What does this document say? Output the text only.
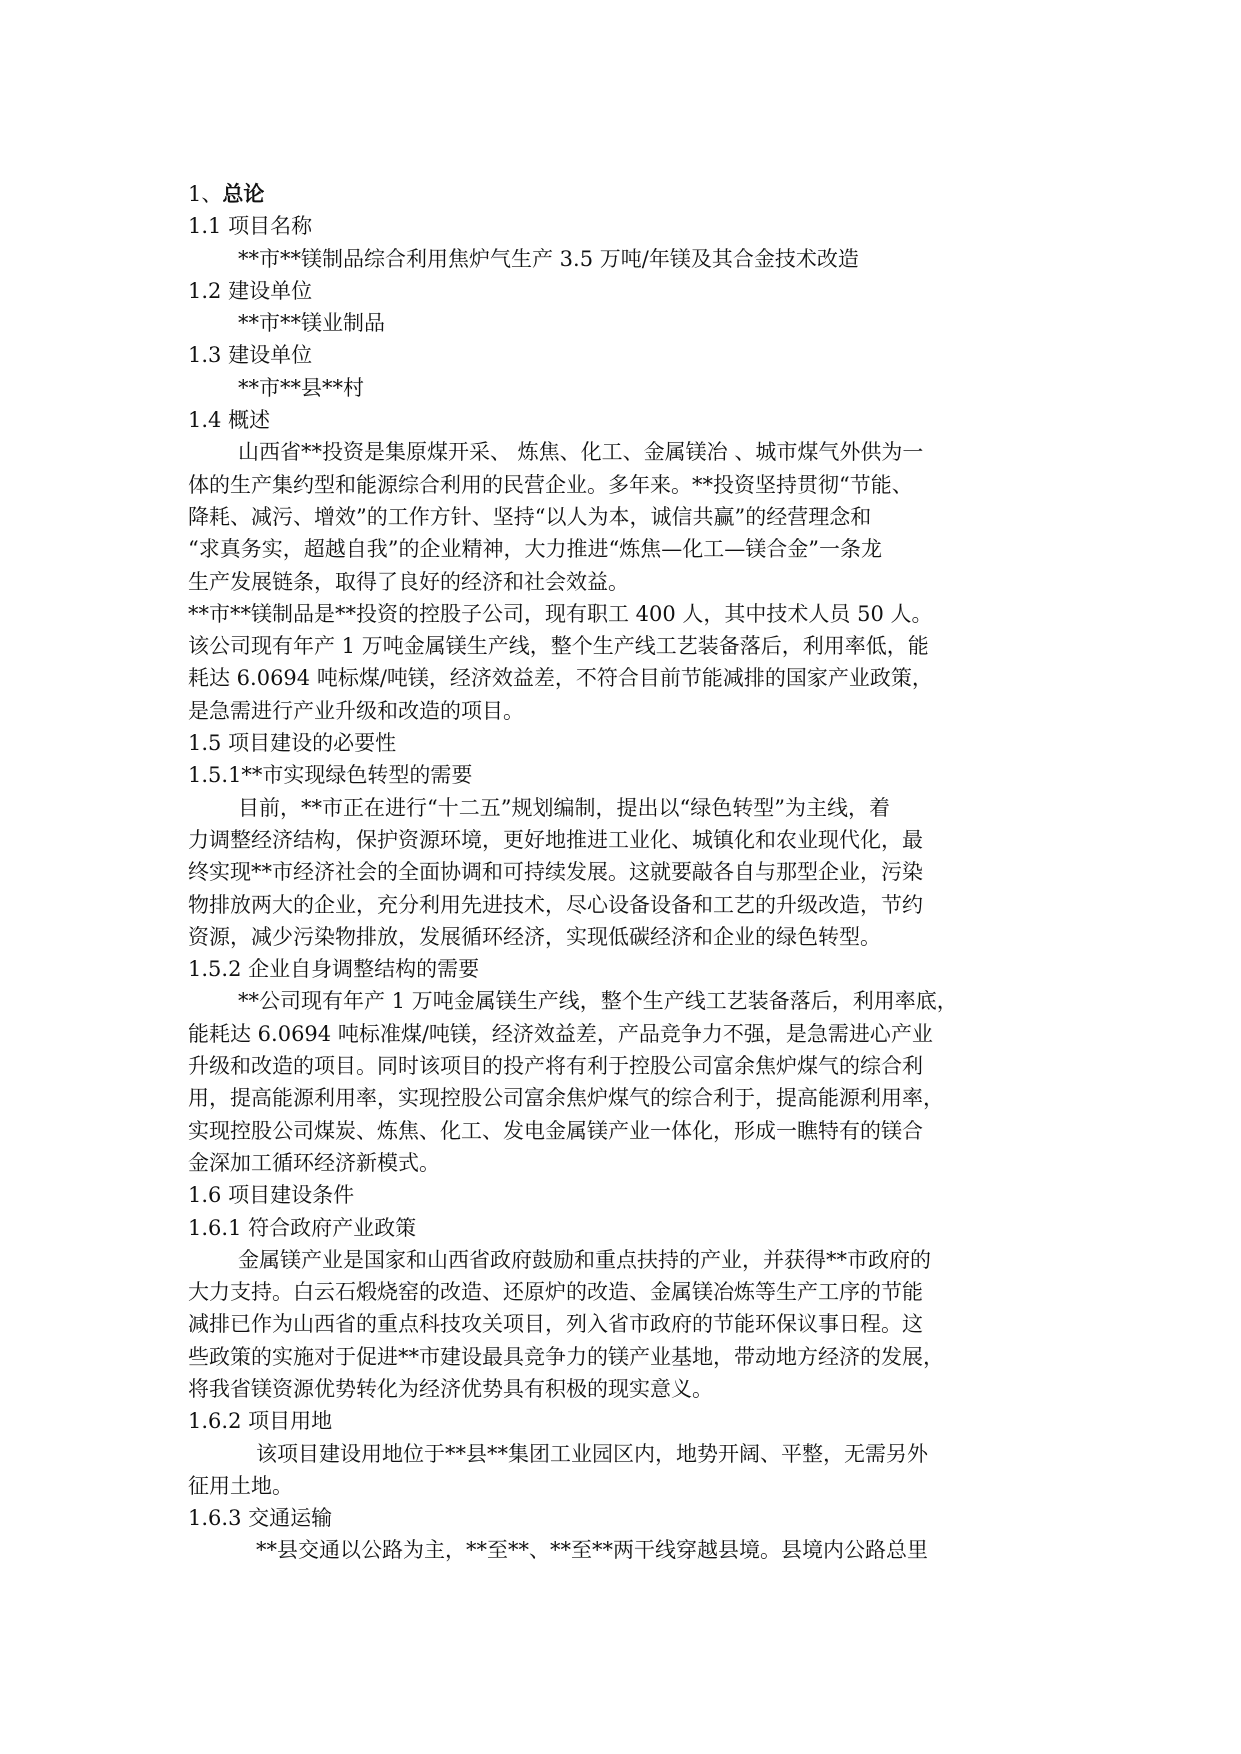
1、总论
1.1 项目名称
**市**镁制品综合利用焦炉气生产 3.5 万吨/年镁及其合金技术改造
1.2 建设单位
**市**镁业制品
1.3 建设单位
**市**县**村
1.4 概述
山西省**投资是集原煤开采、 炼焦、化工、金属镁冶 、城市煤气外供为一
体的生产集约型和能源综合利用的民营企业。多年来。**投资坚持贯彻“节能、
降耗、减污、增效”的工作方针、坚持“以人为本，诚信共赢”的经营理念和
“求真务实，超越自我”的企业精神，大力推进“炼焦—化工—镁合金”一条龙
生产发展链条，取得了良好的经济和社会效益。
**市**镁制品是**投资的控股子公司，现有职工 400 人，其中技术人员 50 人。
该公司现有年产 1 万吨金属镁生产线，整个生产线工艺装备落后，利用率低，能
耗达 6.0694 吨标煤/吨镁，经济效益差，不符合目前节能减排的国家产业政策，
是急需进行产业升级和改造的项目。
1.5 项目建设的必要性
1.5.1**市实现绿色转型的需要
目前，**市正在进行“十二五”规划编制，提出以“绿色转型”为主线，着
力调整经济结构，保护资源环境，更好地推进工业化、城镇化和农业现代化，最
终实现**市经济社会的全面协调和可持续发展。这就要敲各自与那型企业，污染
物排放两大的企业，充分利用先进技术，尽心设备设备和工艺的升级改造，节约
资源，减少污染物排放，发展循环经济，实现低碳经济和企业的绿色转型。
1.5.2 企业自身调整结构的需要
**公司现有年产 1 万吨金属镁生产线，整个生产线工艺装备落后，利用率底，
能耗达 6.0694 吨标准煤/吨镁，经济效益差，产品竞争力不强，是急需进心产业
升级和改造的项目。同时该项目的投产将有利于控股公司富余焦炉煤气的综合利
用，提高能源利用率，实现控股公司富余焦炉煤气的综合利于，提高能源利用率，
实现控股公司煤炭、炼焦、化工、发电金属镁产业一体化，形成一瞧特有的镁合
金深加工循环经济新模式。
1.6 项目建设条件
1.6.1 符合政府产业政策
金属镁产业是国家和山西省政府鼓励和重点扶持的产业，并获得**市政府的
大力支持。白云石煅烧窑的改造、还原炉的改造、金属镁冶炼等生产工序的节能
减排已作为山西省的重点科技攻关项目，列入省市政府的节能环保议事日程。这
些政策的实施对于促进**市建设最具竞争力的镁产业基地，带动地方经济的发展，
将我省镁资源优势转化为经济优势具有积极的现实意义。
1.6.2 项目用地
该项目建设用地位于**县**集团工业园区内，地势开阔、平整，无需另外
征用土地。
1.6.3 交通运输
**县交通以公路为主，**至**、**至**两干线穿越县境。县境内公路总里
